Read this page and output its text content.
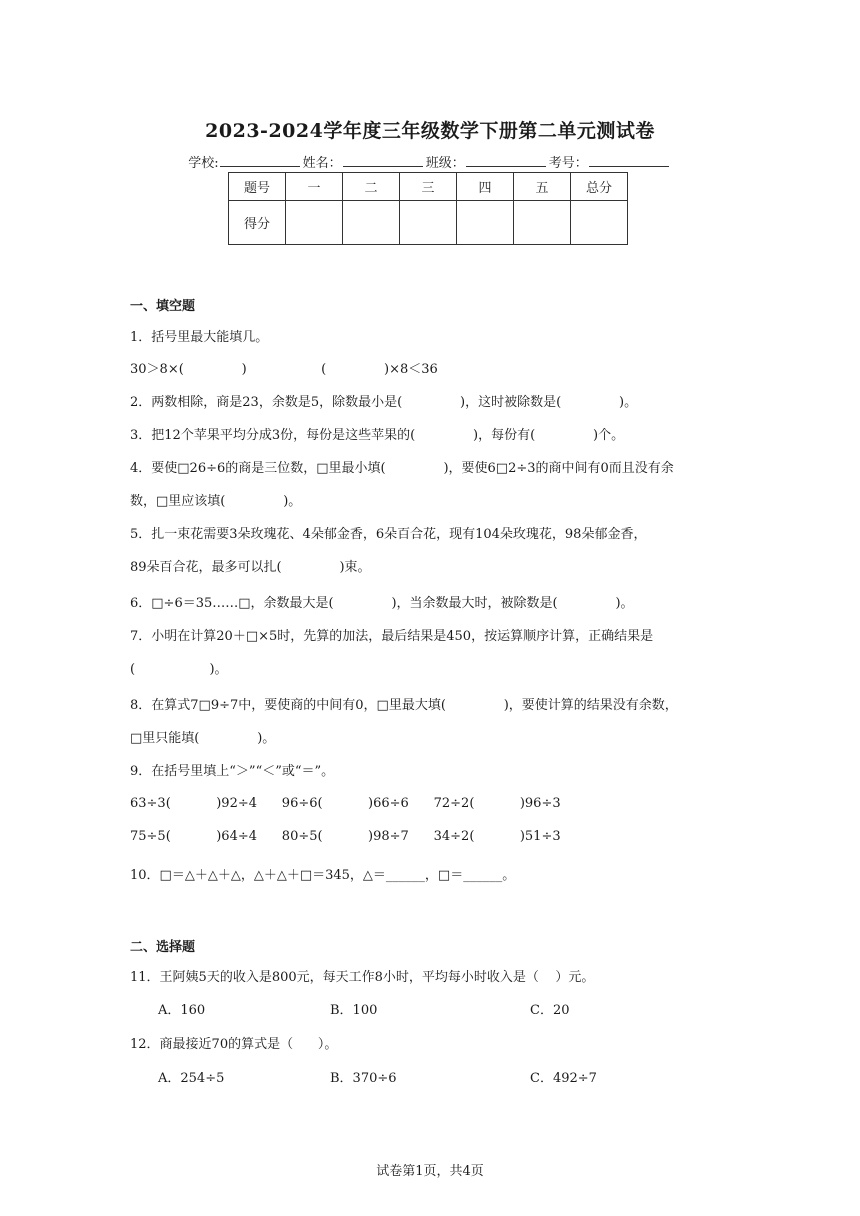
2023-2024学年度三年级数学下册第二单元测试卷
学校:	姓名：	班级：	考号：
题号	一	二	三	四	五	总分
得分						
一、填空题
1．括号里最大能填几。
30＞8×(              )                  (              )×8＜36
2．两数相除，商是23，余数是5，除数最小是(              )，这时被除数是(              )。
3．把12个苹果平均分成3份，每份是这些苹果的(              )，每份有(              )个。
4．要使□26÷6的商是三位数，□里最小填(              )，要使6□2÷3的商中间有0而且没有余
数，□里应该填(              )。
5．扎一束花需要3朵玫瑰花、4朵郁金香，6朵百合花，现有104朵玫瑰花，98朵郁金香，
89朵百合花，最多可以扎(              )束。
6．□÷6＝35……□，余数最大是(              )，当余数最大时，被除数是(              )。
7．小明在计算20＋□×5时，先算的加法，最后结果是450，按运算顺序计算，正确结果是
(                  )。
8．在算式7□9÷7中，要使商的中间有0，□里最大填(              )，要使计算的结果没有余数，
□里只能填(              )。
9．在括号里填上“＞”“＜”或“＝”。
63÷3(           )92÷4      96÷6(           )66÷6      72÷2(           )96÷3
75÷5(           )64÷4      80÷5(           )98÷7      34÷2(           )51÷3
10．□＝△＋△＋△，△＋△＋□＝345，△＝______，□＝______。
二、选择题
11．王阿姨5天的收入是800元，每天工作8小时，平均每小时收入是（    ）元。
A．160	B．100	C．20
12．商最接近70的算式是（      ）。
A．254÷5	B．370÷6	C．492÷7
试卷第1页，共4页
